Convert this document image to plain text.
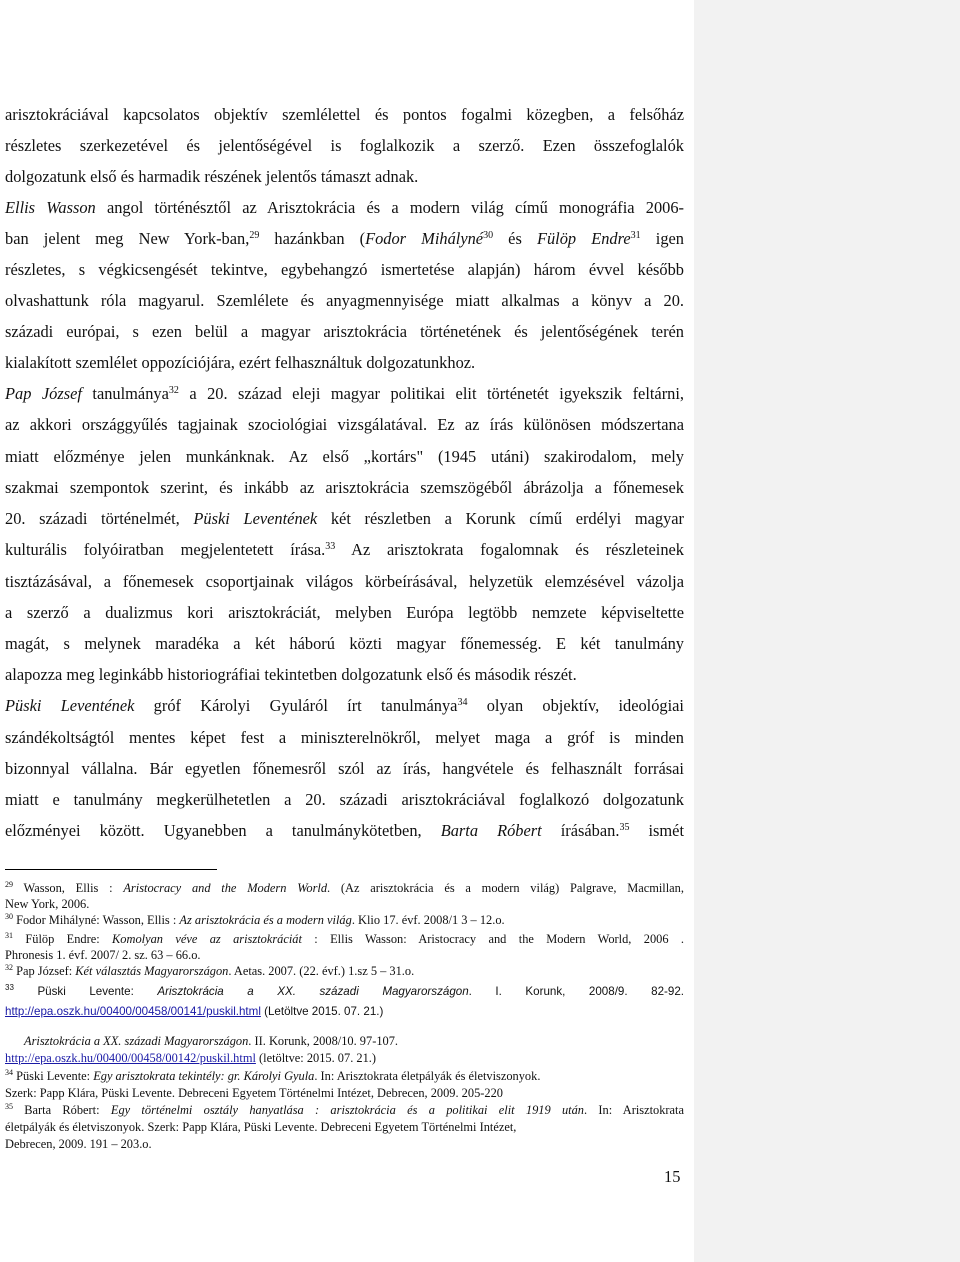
arisztokráciával kapcsolatos objektív szemlélettel és pontos fogalmi közegben, a felsőház
részletes szerkezetével és jelentőségével is foglalkozik a szerző. Ezen összefoglalók
dolgozatunk első és harmadik részének jelentős támaszt adnak.
Ellis Wasson angol történésztől az Arisztokrácia és a modern világ című monográfia 2006-
ban jelent meg New York-ban,$^{29}$ hazánkban (Fodor Mihályné$^{30}$ és Fülöp Endre$^{31}$ igen
részletes, s végkicsengését tekintve, egybehangzó ismertetése alapján) három évvel később
olvashattunk róla magyarul. Szemlélete és anyagmennyisége miatt alkalmas a könyv a 20.
századi európai, s ezen belül a magyar arisztokrácia történetének és jelentőségének terén
kialakított szemlélet oppozíciójára, ezért felhasználtuk dolgozatunkhoz.
Pap József tanulmánya$^{32}$ a 20. század eleji magyar politikai elit történetét igyekszik feltárni,
az akkori országgyűlés tagjainak szociológiai vizsgálatával. Ez az írás különösen módszertana
miatt előzménye jelen munkánknak. Az első „kortárs" (1945 utáni) szakirodalom, mely
szakmai szempontok szerint, és inkább az arisztokrácia szemszögéből ábrázolja a főnemesek
20. századi történelmét, Püski Leventének két részletben a Korunk című erdélyi magyar
kulturális folyóiratban megjelentetett írása.$^{33}$ Az arisztokrata fogalomnak és részleteinek
tisztázásával, a főnemesek csoportjainak világos körbeírásával, helyzetük elemzésével vázolja
a szerző a dualizmus kori arisztokráciát, melyben Európa legtöbb nemzete képviseltette
magát, s melynek maradéka a két háború közti magyar főnemesség. E két tanulmány
alapozza meg leginkább historiográfiai tekintetben dolgozatunk első és második részét.
Püski Leventének gróf Károlyi Gyuláról írt tanulmánya$^{34}$ olyan objektív, ideológiai
szándékoltságtól mentes képet fest a miniszterelnökről, melyet maga a gróf is minden
bizonnyal vállalna. Bár egyetlen főnemesről szól az írás, hangvétele és felhasznált forrásai
miatt e tanulmány megkerülhetetlen a 20. századi arisztokráciával foglalkozó dolgozatunk
előzményei között. Ugyanebben a tanulmánykötetben, Barta Róbert írásában.$^{35}$ ismét
$^{29}$ Wasson, Ellis : Aristocracy and the Modern World. (Az arisztokrácia és a modern világ) Palgrave, Macmillan,
New York, 2006.
$^{30}$ Fodor Mihályné: Wasson, Ellis : Az arisztokrácia és a modern világ. Klio 17. évf. 2008/1 3 – 12.o.
$^{31}$ Fülöp Endre: Komolyan véve az arisztokráciát : Ellis Wasson: Aristocracy and the Modern World, 2006 .
Phronesis 1. évf. 2007/ 2. sz. 63 – 66.o.
$^{32}$ Pap József: Két választás Magyarországon. Aetas. 2007. (22. évf.) 1.sz 5 – 31.o.
$^{33}$ Püski Levente: Arisztokrácia a XX. századi Magyarországon. I. Korunk, 2008/9. 82-92.
http://epa.oszk.hu/00400/00458/00141/puskil.html (Letöltve 2015. 07. 21.)
Arisztokrácia a XX. századi Magyarországon. II. Korunk, 2008/10. 97-107.
http://epa.oszk.hu/00400/00458/00142/puskil.html (letöltve: 2015. 07. 21.)
$^{34}$ Püski Levente: Egy arisztokrata tekintély: gr. Károlyi Gyula. In: Arisztokrata életpályák és életviszonyok.
Szerk: Papp Klára, Püski Levente. Debreceni Egyetem Történelmi Intézet, Debrecen, 2009. 205-220
$^{35}$ Barta Róbert: Egy történelmi osztály hanyatlása : arisztokrácia és a politikai elit 1919 után. In: Arisztokrata
életpályák és életviszonyok. Szerk: Papp Klára, Püski Levente. Debreceni Egyetem Történelmi Intézet,
Debrecen, 2009. 191 – 203.o.
15
